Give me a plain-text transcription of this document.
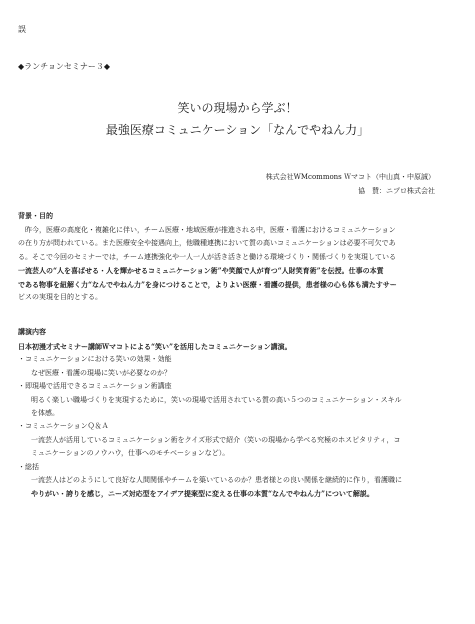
誤
◆ランチョンセミナー３◆
笑いの現場から学ぶ！
最強医療コミュニケーション「なんでやねん力」
株式会社WMcommons Ｗマコト（中山真・中原誠）
協　賛：ニプロ株式会社
背景・目的

　昨今，医療の高度化・複雑化に伴い，チーム医療・地域医療が推進される中，医療・看護におけるコミュニケーション

の在り方が問われている。また医療安全や接遇向上，他職種連携において質の高いコミュニケーションは必要不可欠であ

る。そこで今回のセミナーでは，チーム連携強化や一人一人が活き活きと働ける環境づくり・関係づくりを実現している

一流芸人の“人を喜ばせる・人を輝かせるコミュニケーション術”や笑顔で人が育つ“人財笑育術”を伝授。仕事の本質

である物事を紐解く力“なんでやねん力”を身につけることで，よりよい医療・看護の提供，患者様の心も体も満たすサー

ビスの実現を目的とする。

講演内容

日本初漫才式セミナー講師Ｗマコトによる“笑い”を活用したコミュニケーション講演。

・コミュニケーションにおける笑いの効果・効能

なぜ医療・看護の現場に笑いが必要なのか？

・即現場で活用できるコミュニケーション術講座

明るく楽しい職場づくりを実現するために，笑いの現場で活用されている質の高い５つのコミュニケーション・スキル

を体感。

・コミュニケーションＱ＆Ａ

一流芸人が活用しているコミュニケーション術をクイズ形式で紹介（笑いの現場から学べる究極のホスピタリティ，コ

ミュニケーションのノウハウ，仕事へのモチベーションなど）。

・総括

一流芸人はどのようにして良好な人間関係やチームを築いているのか？患者様との良い関係を継続的に作り，看護職に

やりがい・誇りを感じ，ニーズ対応型をアイデア提案型に変える仕事の本質“なんでやねん力”について解説。
